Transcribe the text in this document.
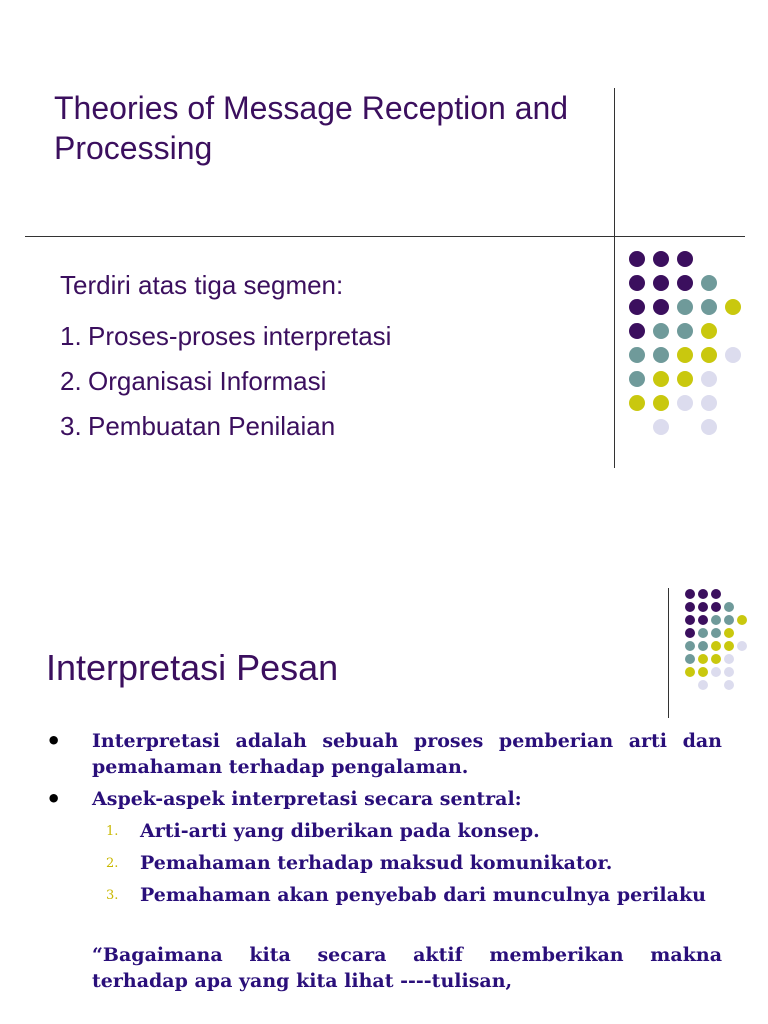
Theories of Message Reception and Processing

Terdiri atas tiga segmen:

1. Proses-proses interpretasi
2. Organisasi Informasi
3. Pembuatan Penilaian
Interpretasi Pesan
• Interpretasi adalah sebuah proses pemberian arti dan pemahaman terhadap pengalaman.
• Aspek-aspek interpretasi secara sentral:
1. Arti-arti yang diberikan pada konsep.
2. Pemahaman terhadap maksud komunikator.
3. Pemahaman akan penyebab dari munculnya perilaku
“Bagaimana kita secara aktif memberikan makna terhadap apa yang kita lihat ----tulisan,
